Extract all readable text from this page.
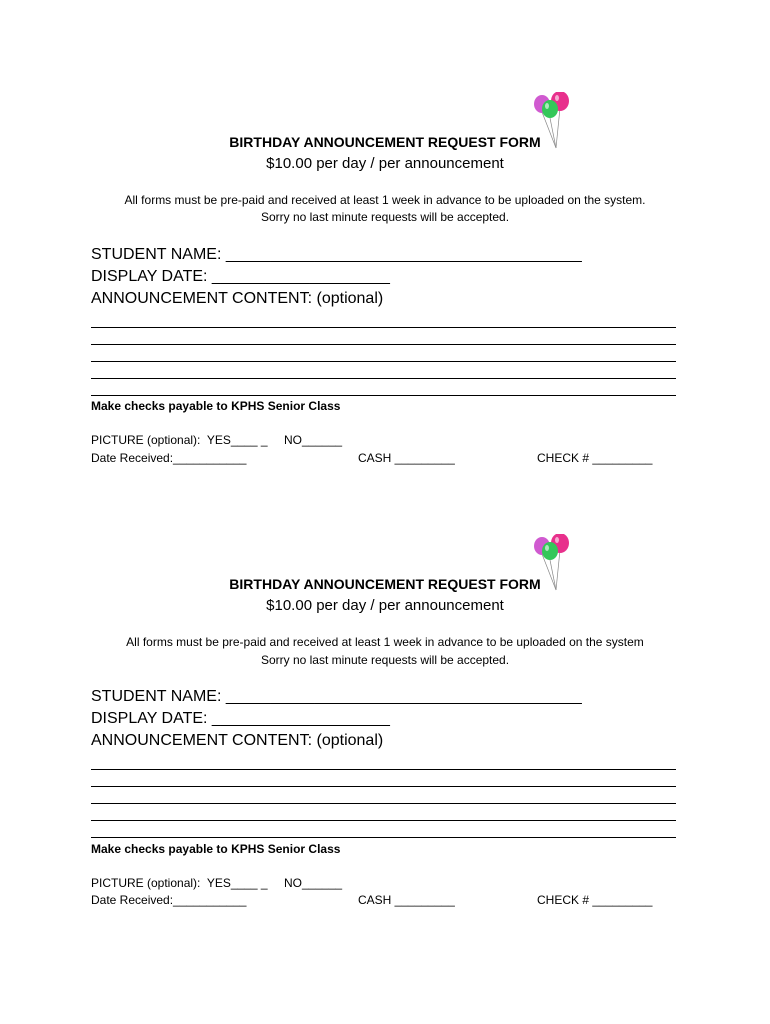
BIRTHDAY ANNOUNCEMENT REQUEST FORM
$10.00 per day / per announcement
All forms must be pre-paid and received at least 1 week in advance to be uploaded on the system.
Sorry no last minute requests will be accepted.
STUDENT NAME: ________________________________________
DISPLAY DATE: ____________________
ANNOUNCEMENT CONTENT: (optional)
Make checks payable to KPHS Senior Class
PICTURE (optional):  YES____ _ NO______
Date Received:___________	CASH _________	CHECK # _________
BIRTHDAY ANNOUNCEMENT REQUEST FORM
$10.00 per day / per announcement
All forms must be pre-paid and received at least 1 week in advance to be uploaded on the system
Sorry no last minute requests will be accepted.
STUDENT NAME: ________________________________________
DISPLAY DATE: ____________________
ANNOUNCEMENT CONTENT: (optional)
Make checks payable to KPHS Senior Class
PICTURE (optional):  YES____ _ NO______
Date Received:___________	CASH _________	CHECK # _________
